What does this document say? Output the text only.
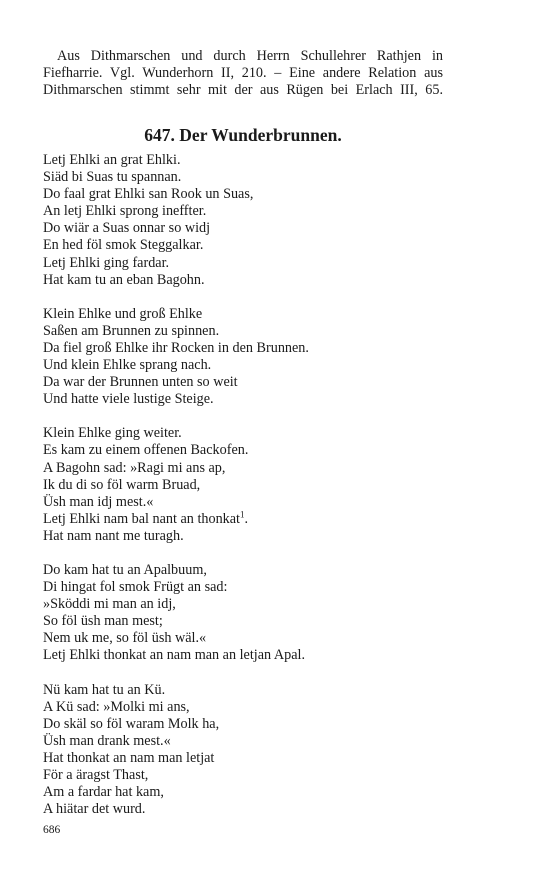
Aus Dithmarschen und durch Herrn Schullehrer Rathjen in
Fiefharrie. Vgl. Wunderhorn II, 210. – Eine andere Relation aus
Dithmarschen stimmt sehr mit der aus Rügen bei Erlach III, 65.

647. Der Wunderbrunnen.
Letj Ehlki an grat Ehlki.
Siäd bi Suas tu spannan.
Do faal grat Ehlki san Rook un Suas,
An letj Ehlki sprong ineffter.
Do wiär a Suas onnar so widj
En hed föl smok Steggalkar.
Letj Ehlki ging fardar.
Hat kam tu an eban Bagohn.
Klein Ehlke und groß Ehlke
Saßen am Brunnen zu spinnen.
Da fiel groß Ehlke ihr Rocken in den Brunnen.
Und klein Ehlke sprang nach.
Da war der Brunnen unten so weit
Und hatte viele lustige Steige.
Klein Ehlke ging weiter.
Es kam zu einem offenen Backofen.
A Bagohn sad: »Ragi mi ans ap,
Ik du di so föl warm Bruad,
Üsh man idj mest.«
Letj Ehlki nam bal nant an thonkat$^1$.
Hat nam nant me turagh.
Do kam hat tu an Apalbuum,
Di hingat fol smok Frügt an sad:
»Sköddi mi man an idj,
So föl üsh man mest;
Nem uk me, so föl üsh wäl.«
Letj Ehlki thonkat an nam man an letjan Apal.
Nü kam hat tu an Kü.
A Kü sad: »Molki mi ans,
Do skäl so föl waram Molk ha,
Üsh man drank mest.«
Hat thonkat an nam man letjat
För a äragst Thast,
Am a fardar hat kam,
A hiätar det wurd.
686
